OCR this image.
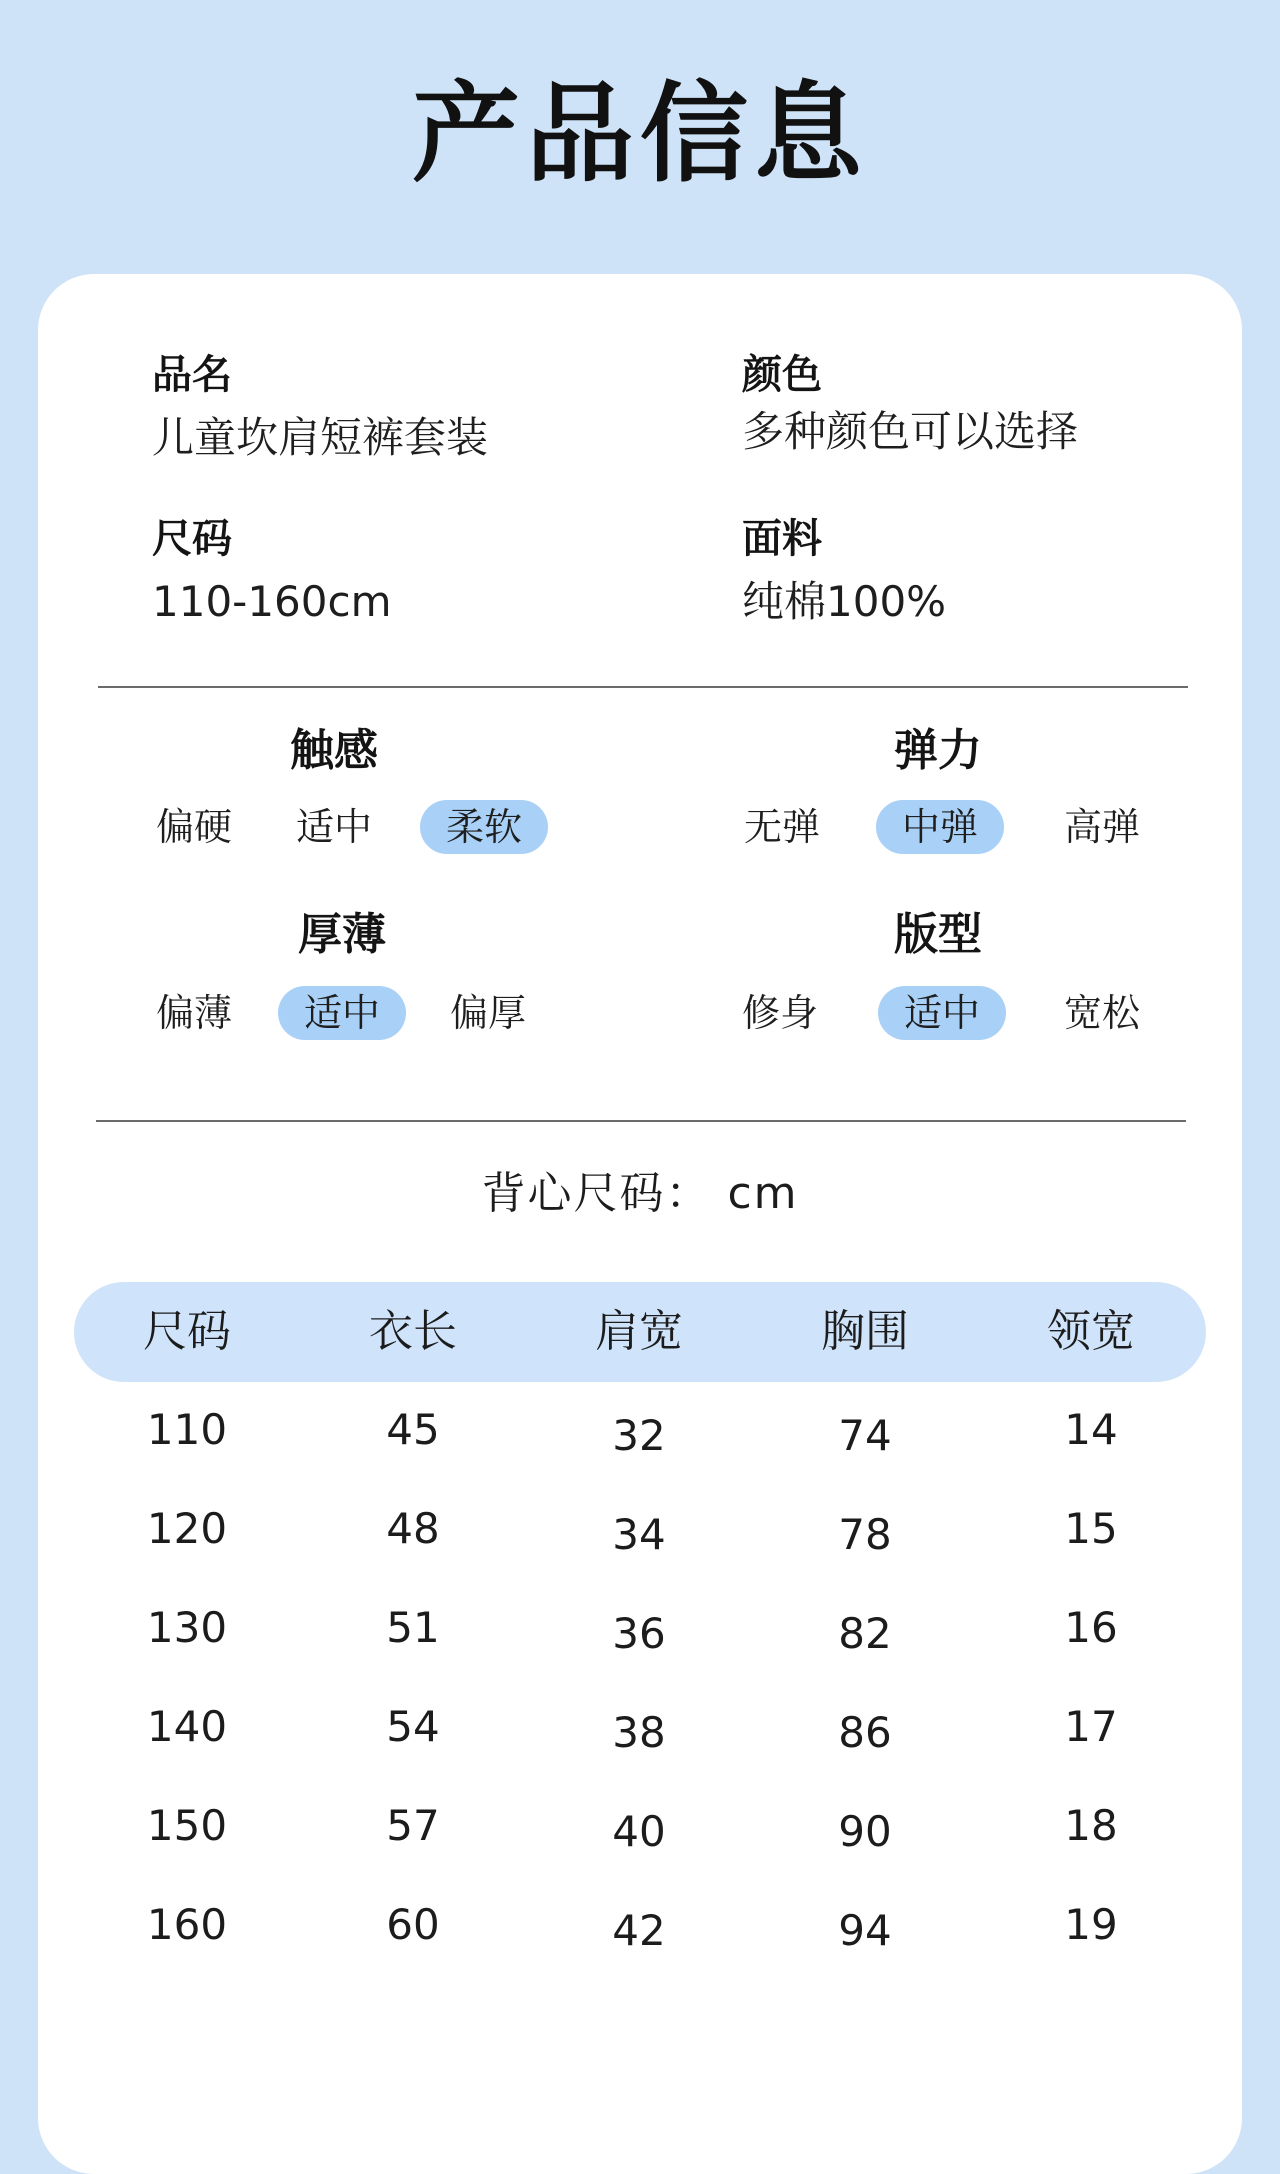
产品信息
品名
儿童坎肩短裤套装
颜色
多种颜色可以选择
尺码
110-160cm
面料
纯棉100%
触感
偏硬	适中	柔软
弹力
无弹	中弹	高弹
厚薄
偏薄	适中	偏厚
版型
修身	适中	宽松
背心尺码： cm
尺码	衣长	肩宽	胸围	领宽
110	45	32	74	14
120	48	34	78	15
130	51	36	82	16
140	54	38	86	17
150	57	40	90	18
160	60	42	94	19
